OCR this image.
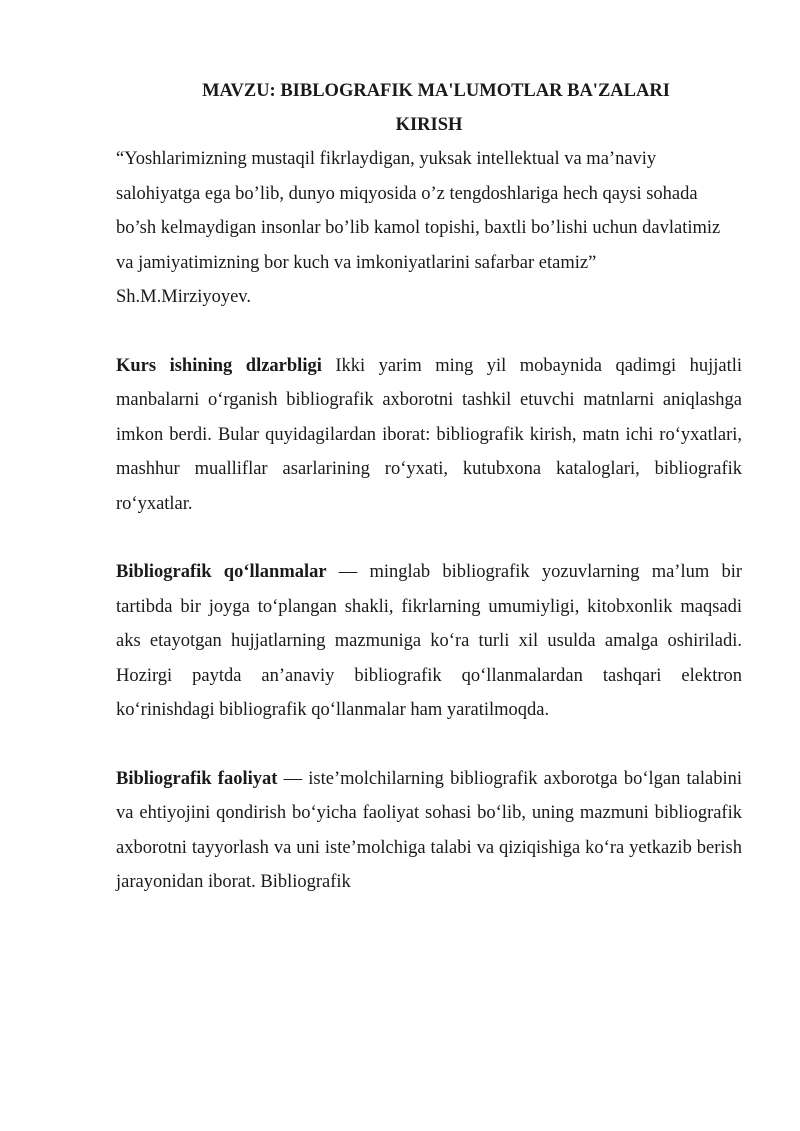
MAVZU: BIBLOGRAFIK MA'LUMOTLAR BA'ZALARI

KIRISH

“Yoshlarimizning mustaqil fikrlaydigan, yuksak intellektual va ma’naviy salohiyatga ega bo’lib, dunyo miqyosida o’z tengdoshlariga hech qaysi sohada bo’sh kelmaydigan insonlar bo’lib kamol topishi, baxtli bo’lishi uchun davlatimiz va jamiyatimizning bor kuch va imkoniyatlarini safarbar etamiz”

Sh.M.Mirziyoyev.

Kurs ishining dlzarbligi Ikki yarim ming yil mobaynida qadimgi hujjatli manbalarni o‘rganish bibliografik axborotni tashkil etuvchi matnlarni aniqlashga imkon berdi. Bular quyidagilardan iborat: bibliografik kirish, matn ichi ro‘yxatlari, mashhur mualliflar asarlarining ro‘yxati, kutubxona kataloglari, bibliografik ro‘yxatlar.

Bibliografik qo‘llanmalar — minglab bibliografik yozuvlarning ma’lum bir tartibda bir joyga to‘plangan shakli, fikrlarning umumiyligi, kitobxonlik maqsadi aks etayotgan hujjatlarning mazmuniga ko‘ra turli xil usulda amalga oshiriladi. Hozirgi paytda an’anaviy bibliografik qo‘llanmalardan tashqari elektron ko‘rinishdagi bibliografik qo‘llanmalar ham yaratilmoqda.

Bibliografik faoliyat — iste’molchilarning bibliografik axborotga bo‘lgan talabini va ehtiyojini qondirish bo‘yicha faoliyat sohasi bo‘lib, uning mazmuni bibliografik axborotni tayyorlash va uni iste’molchiga talabi va qiziqishiga ko‘ra yetkazib berish jarayonidan iborat. Bibliografik
